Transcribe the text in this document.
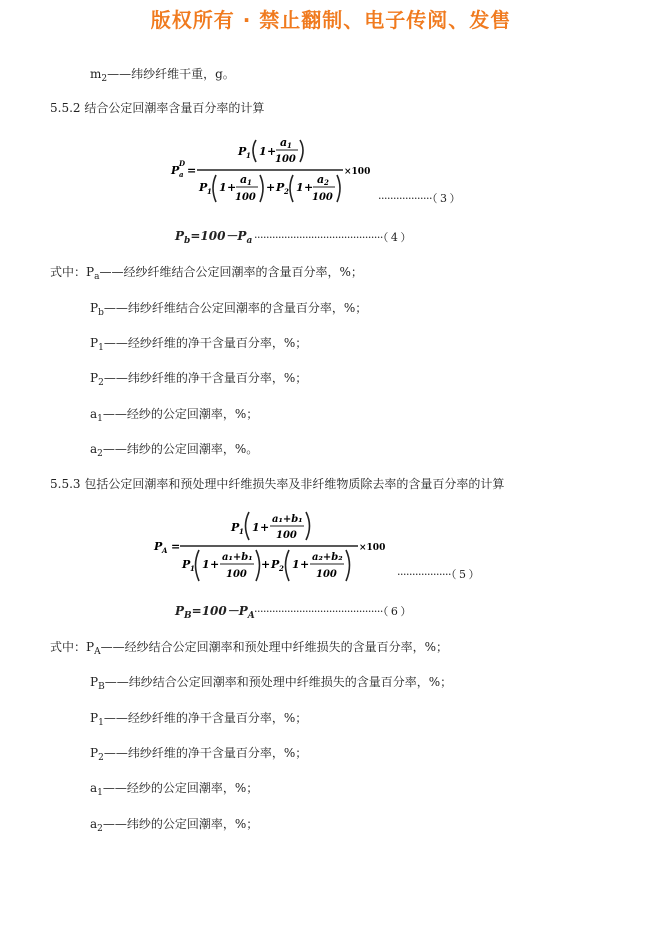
版权所有 · 禁止翻制、电子传阅、发售
$m_2——$纬纱纤维干重，g。
5.5.2 结合公定回潮率含量百分率的计算
P a
D
=
P 1 1 +
a 1
100
P 1 1 +
a 1
100
+ P 2 1 +
a 2
100
×100
··················（ 3 ）
$P_b=100-P_a$ ···········································（ 4 ）
式中：$P_a——$经纱纤维结合公定回潮率的含量百分率，%；
$P_b——$纬纱纤维结合公定回潮率的含量百分率，%；
$P_1——$经纱纤维的净干含量百分率，%；
$P_2——$纬纱纤维的净干含量百分率，%；
$a_1——$经纱的公定回潮率，%；
$a_2——$纬纱的公定回潮率，%。
5.5.3 包括公定回潮率和预处理中纤维损失率及非纤维物质除去率的含量百分率的计算
P A =
P 1 1 +
a₁+b₁
100
P 1 1 +
a₁+b₁
100
+ P 2 1 +
a₂+b₂
100
×100
··················（ 5 ）
$P_B=100-P_A$ ···········································（ 6 ）
式中：$P_A——$经纱结合公定回潮率和预处理中纤维损失的含量百分率，%；
$P_B——$纬纱结合公定回潮率和预处理中纤维损失的含量百分率，%；
$P_1——$经纱纤维的净干含量百分率，%；
$P_2——$纬纱纤维的净干含量百分率，%；
$a_1——$经纱的公定回潮率，%；
$a_2——$纬纱的公定回潮率，%；
